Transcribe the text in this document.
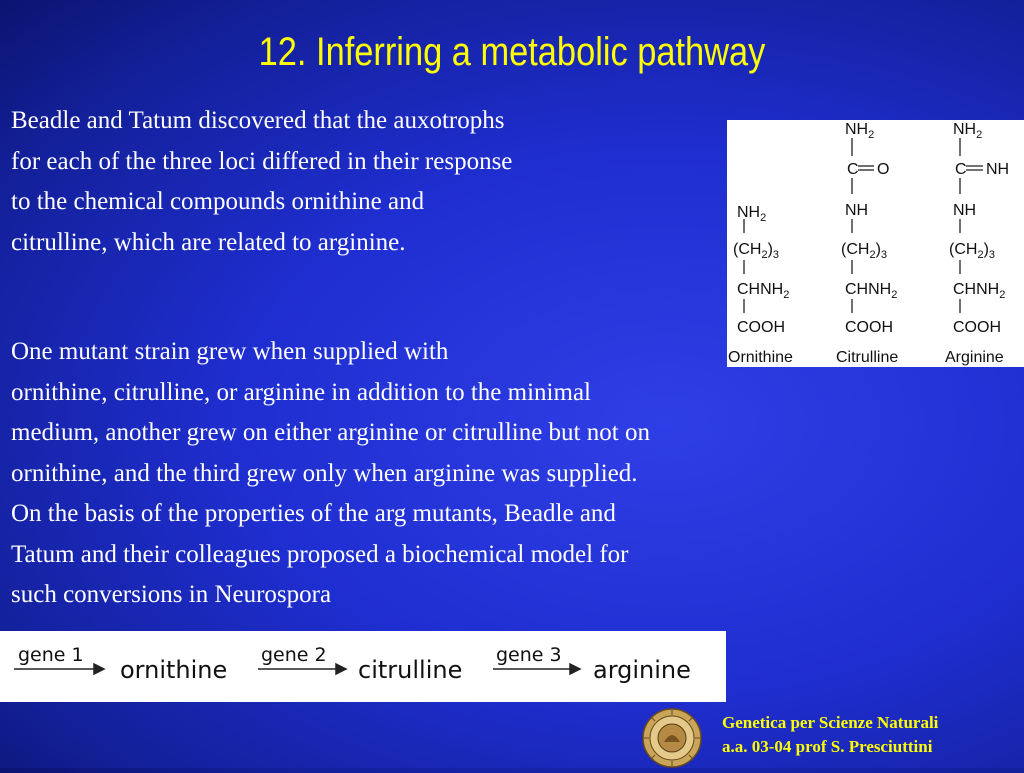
12. Inferring a metabolic pathway
Beadle and Tatum discovered that the auxotrophs
for each of the three loci differed in their response
to the chemical compounds ornithine and
citrulline, which are related to arginine.
One mutant strain grew when supplied with
ornithine, citrulline, or arginine in addition to the minimal
medium, another grew on either arginine or citrulline but not on
ornithine, and the third grew only when arginine was supplied.
On the basis of the properties of the arg mutants, Beadle and
Tatum and their colleagues proposed a biochemical model for
such conversions in Neurospora
$NH_2$
$(CH_2)_3$
$CHNH_2$
COOH
Ornithine
$NH_2$
C O
NH
$(CH_2)_3$
$CHNH_2$
COOH
Citrulline
$NH_2$
C NH
NH
$(CH_2)_3$
$CHNH_2$
COOH
Arginine
gene 1	gene 2	gene 3
ornithine	citrulline	arginine
Genetica per Scienze Naturali
a.a. 03-04 prof S. Presciuttini
